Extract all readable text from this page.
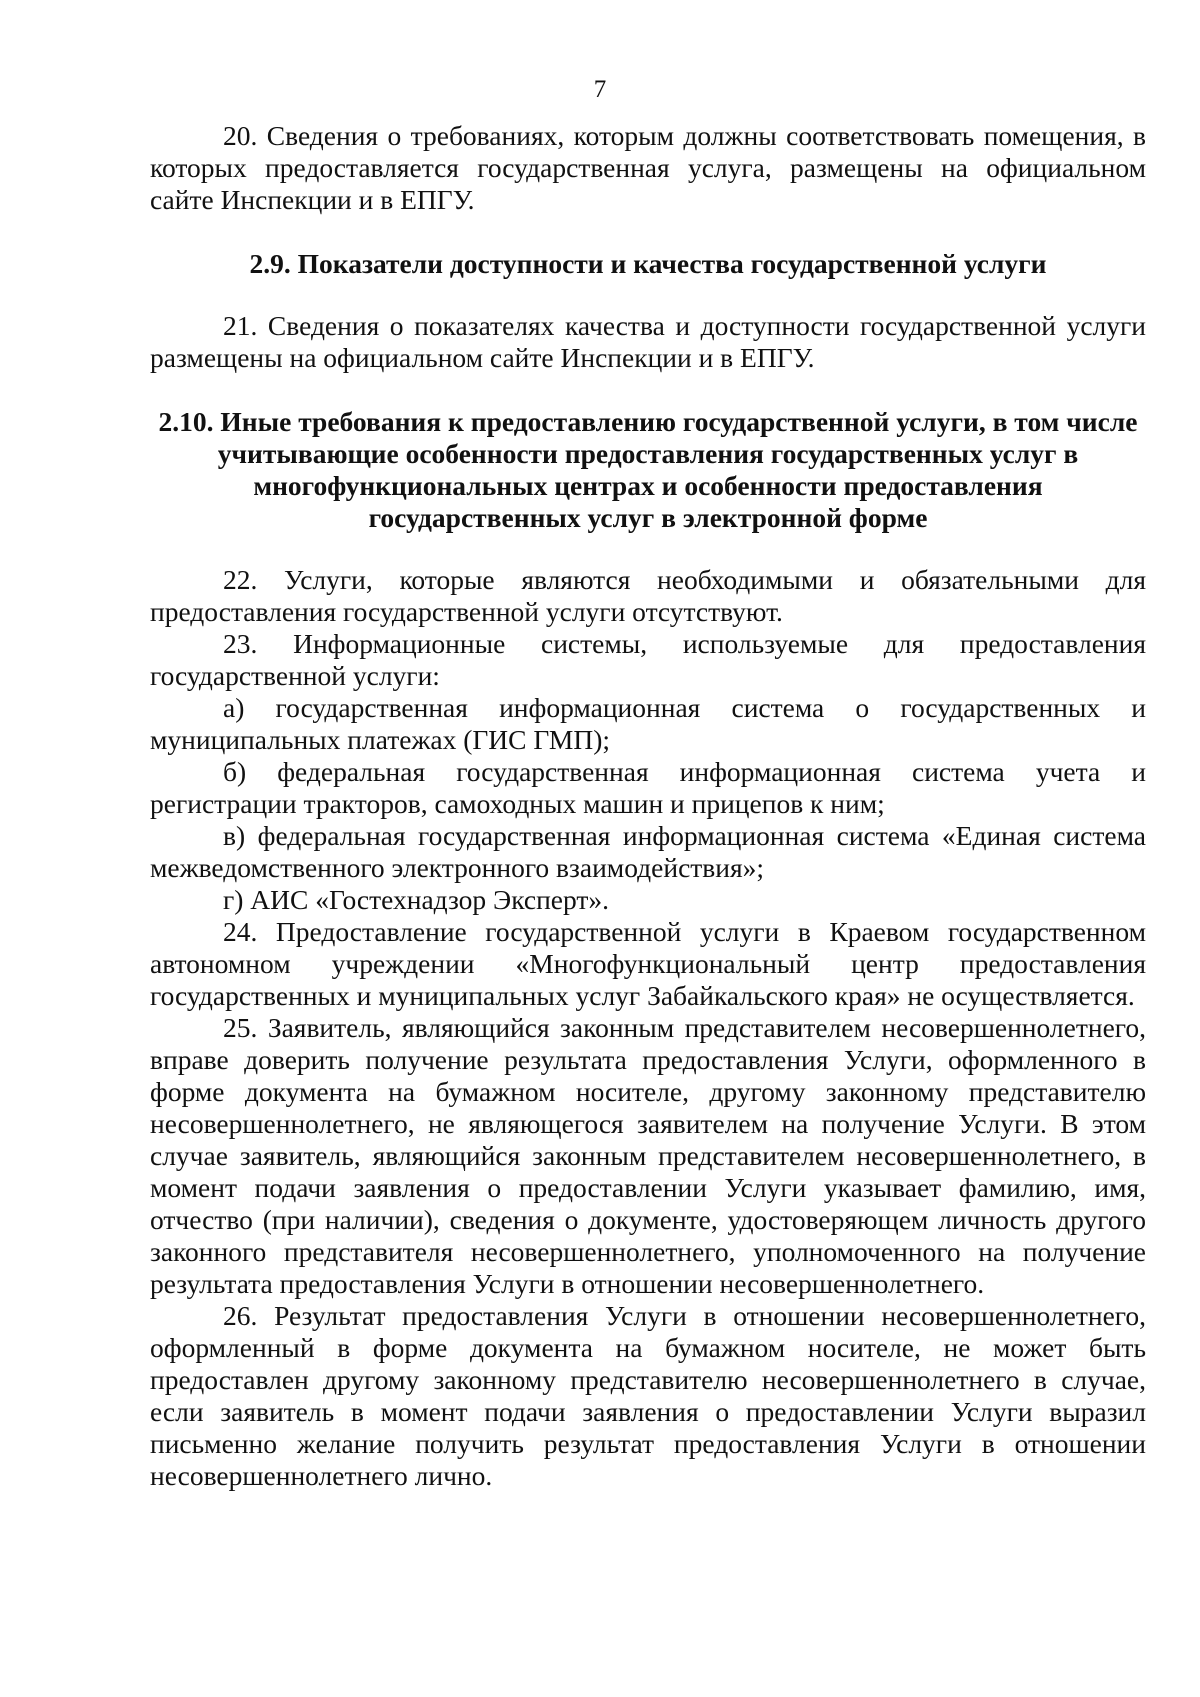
7

20. Сведения о требованиях, которым должны соответствовать помещения, в которых предоставляется государственная услуга, размещены на официальном сайте Инспекции и в ЕПГУ.

2.9. Показатели доступности и качества государственной услуги

21. Сведения о показателях качества и доступности государственной услуги размещены на официальном сайте Инспекции и в ЕПГУ.

2.10. Иные требования к предоставлению государственной услуги, в том числе учитывающие особенности предоставления государственных услуг в многофункциональных центрах и особенности предоставления государственных услуг в электронной форме

22. Услуги, которые являются необходимыми и обязательными для предоставления государственной услуги отсутствуют.

23. Информационные системы, используемые для предоставления государственной услуги:

а) государственная информационная система о государственных и муниципальных платежах (ГИС ГМП);

б) федеральная государственная информационная система учета и регистрации тракторов, самоходных машин и прицепов к ним;

в) федеральная государственная информационная система «Единая система межведомственного электронного взаимодействия»;

г) АИС «Гостехнадзор Эксперт».

24. Предоставление государственной услуги в Краевом государственном автономном учреждении «Многофункциональный центр предоставления государственных и муниципальных услуг Забайкальского края» не осуществляется.

25. Заявитель, являющийся законным представителем несовершеннолетнего, вправе доверить получение результата предоставления Услуги, оформленного в форме документа на бумажном носителе, другому законному представителю несовершеннолетнего, не являющегося заявителем на получение Услуги. В этом случае заявитель, являющийся законным представителем несовершеннолетнего, в момент подачи заявления о предоставлении Услуги указывает фамилию, имя, отчество (при наличии), сведения о документе, удостоверяющем личность другого законного представителя несовершеннолетнего, уполномоченного на получение результата предоставления Услуги в отношении несовершеннолетнего.

26. Результат предоставления Услуги в отношении несовершеннолетнего, оформленный в форме документа на бумажном носителе, не может быть предоставлен другому законному представителю несовершеннолетнего в случае, если заявитель в момент подачи заявления о предоставлении Услуги выразил письменно желание получить результат предоставления Услуги в отношении несовершеннолетнего лично.
